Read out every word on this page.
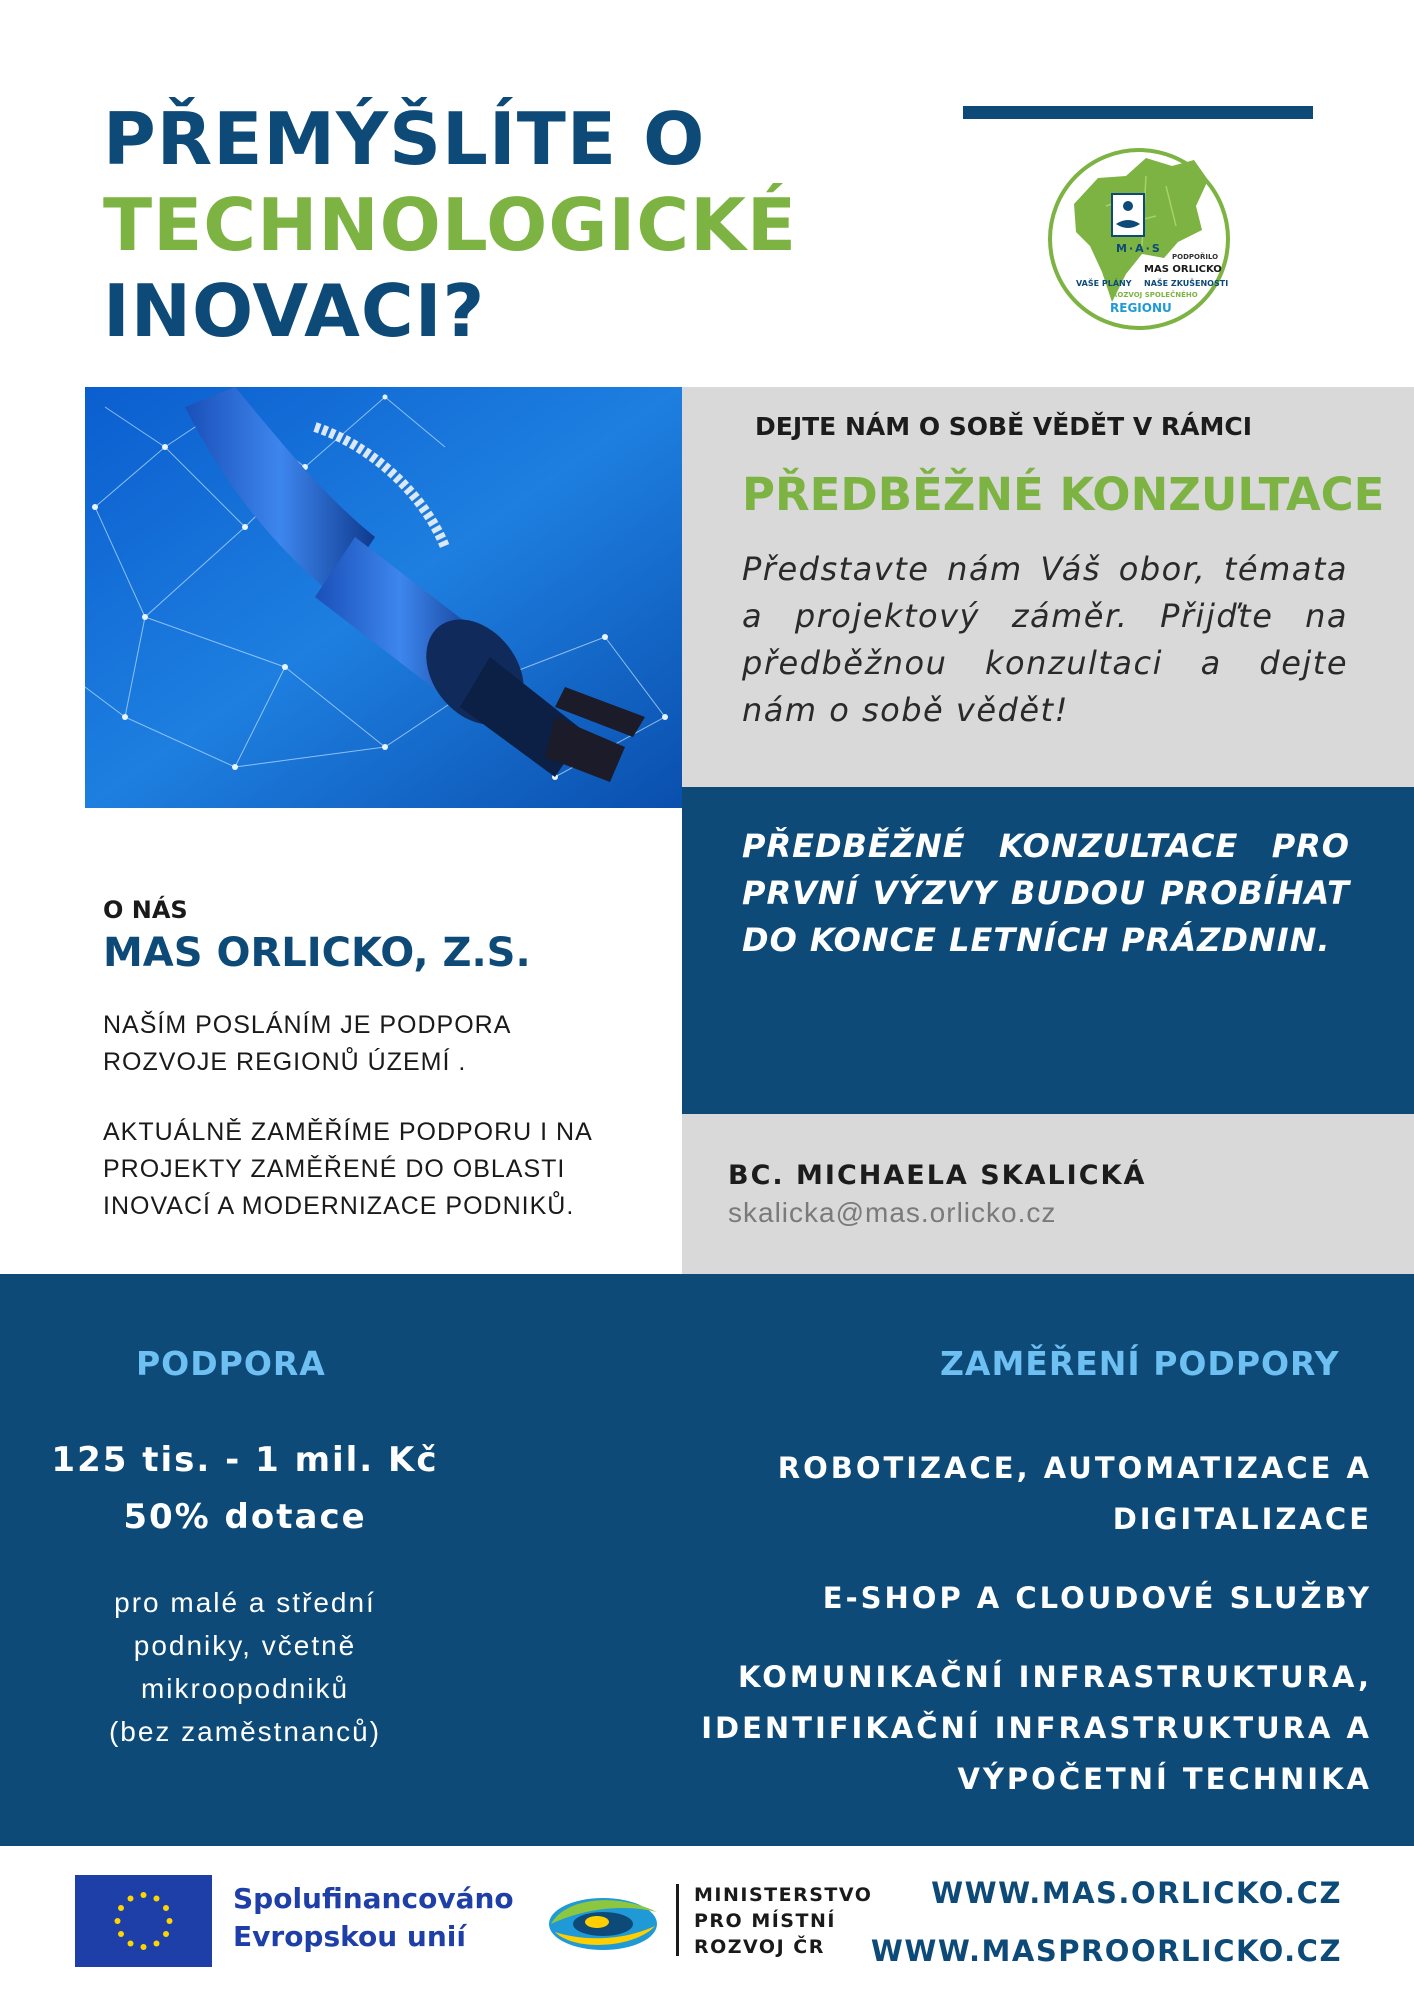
PŘEMÝŠLÍTE O
TECHNOLOGICKÉ
INOVACI?
M·A·S
PODPOŘILO
MAS ORLICKO
VAŠE PLÁNY NAŠE ZKUŠENOSTI
ROZVOJ SPOLEČNÉHO
REGIONU
DEJTE NÁM O SOBĚ VĚDĚT V RÁMCI
PŘEDBĚŽNÉ KONZULTACE
Představte nám Váš obor, témata a projektový záměr. Přijďte na předběžnou konzultaci a dejte nám o sobě vědět!
PŘEDBĚŽNÉ KONZULTACE PRO PRVNÍ VÝZVY BUDOU PROBÍHAT DO KONCE LETNÍCH PRÁZDNIN.
BC. MICHAELA SKALICKÁ
skalicka@mas.orlicko.cz
O NÁS
MAS ORLICKO, Z.S.
NAŠÍM POSLÁNÍM JE PODPORA ROZVOJE REGIONŮ ÚZEMÍ .
AKTUÁLNĚ ZAMĚŘÍME PODPORU I NA PROJEKTY ZAMĚŘENÉ DO OBLASTI INOVACÍ A MODERNIZACE PODNIKŮ.
PODPORA
125 tis. - 1 mil. Kč
50% dotace
pro malé a střední
podniky, včetně
mikroopodniků
(bez zaměstnanců)
ZAMĚŘENÍ PODPORY
ROBOTIZACE, AUTOMATIZACE A
DIGITALIZACE
E-SHOP A CLOUDOVÉ SLUŽBY
KOMUNIKAČNÍ INFRASTRUKTURA,
IDENTIFIKAČNÍ INFRASTRUKTURA A
VÝPOČETNÍ TECHNIKA
Spolufinancováno
Evropskou unií
MINISTERSTVO
PRO MÍSTNÍ
ROZVOJ ČR
WWW.MAS.ORLICKO.CZ
WWW.MASPROORLICKO.CZ
